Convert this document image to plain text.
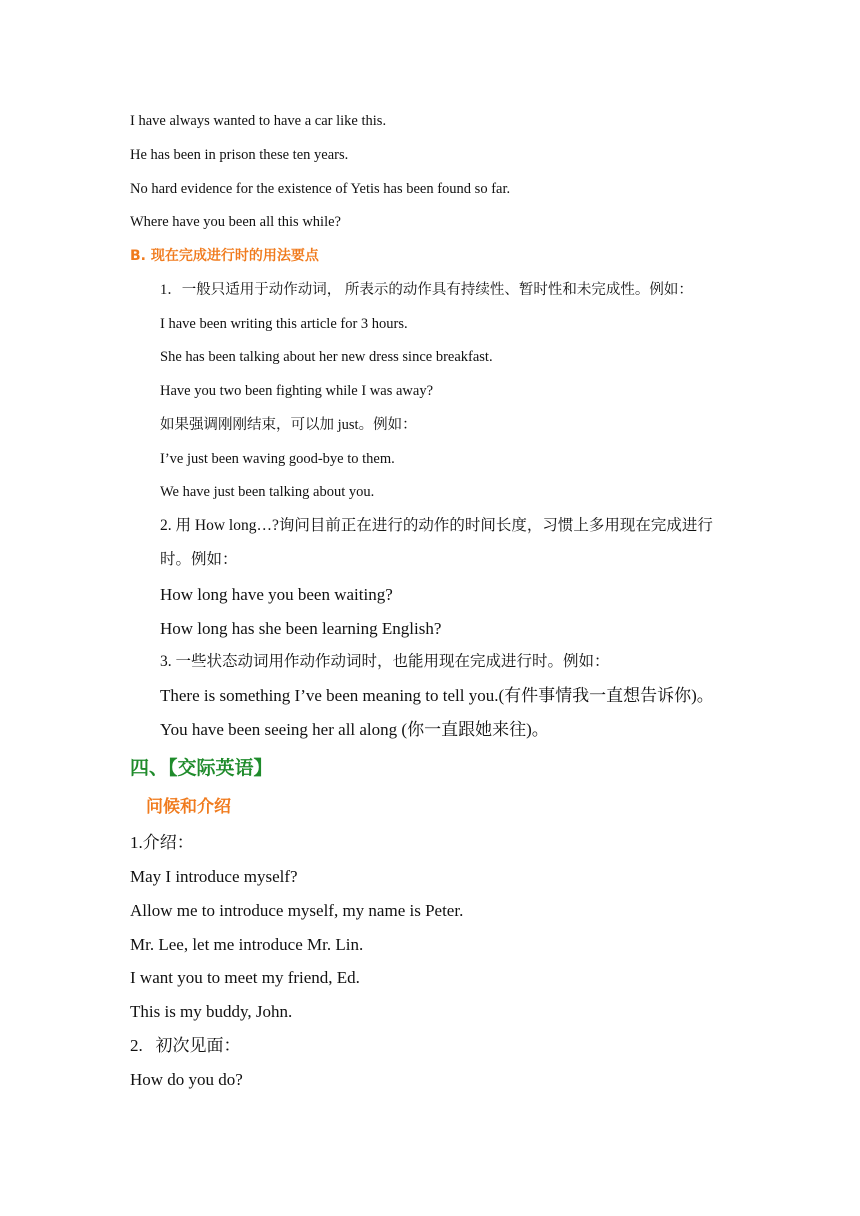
I have always wanted to have a car like this.
He has been in prison these ten years.
No hard evidence for the existence of Yetis has been found so far.
Where have you been all this while?
B. 现在完成进行时的用法要点
1．一般只适用于动作动词， 所表示的动作具有持续性、暂时性和未完成性。例如：
I have been writing this article for 3 hours.
She has been talking about her new dress since breakfast.
Have you two been fighting while I was away?
如果强调刚刚结束，可以加 just。例如：
I’ve just been waving good-bye to them.
We have just been talking about you.
2. 用 How long…?询问目前正在进行的动作的时间长度，习惯上多用现在完成进行
时。例如：
How long have you been waiting?
How long has she been learning English?
3. 一些状态动词用作动作动词时，也能用现在完成进行时。例如：
There is something I’ve been meaning to tell you.(有件事情我一直想告诉你)。
You have been seeing her all along (你一直跟她来往)。
四、【交际英语】
问候和介绍
1.介绍：
May I introduce myself?
Allow me to introduce myself, my name is Peter.
Mr. Lee, let me introduce Mr. Lin.
I want you to meet my friend, Ed.
This is my buddy, John.
2.   初次见面：
How do you do?
